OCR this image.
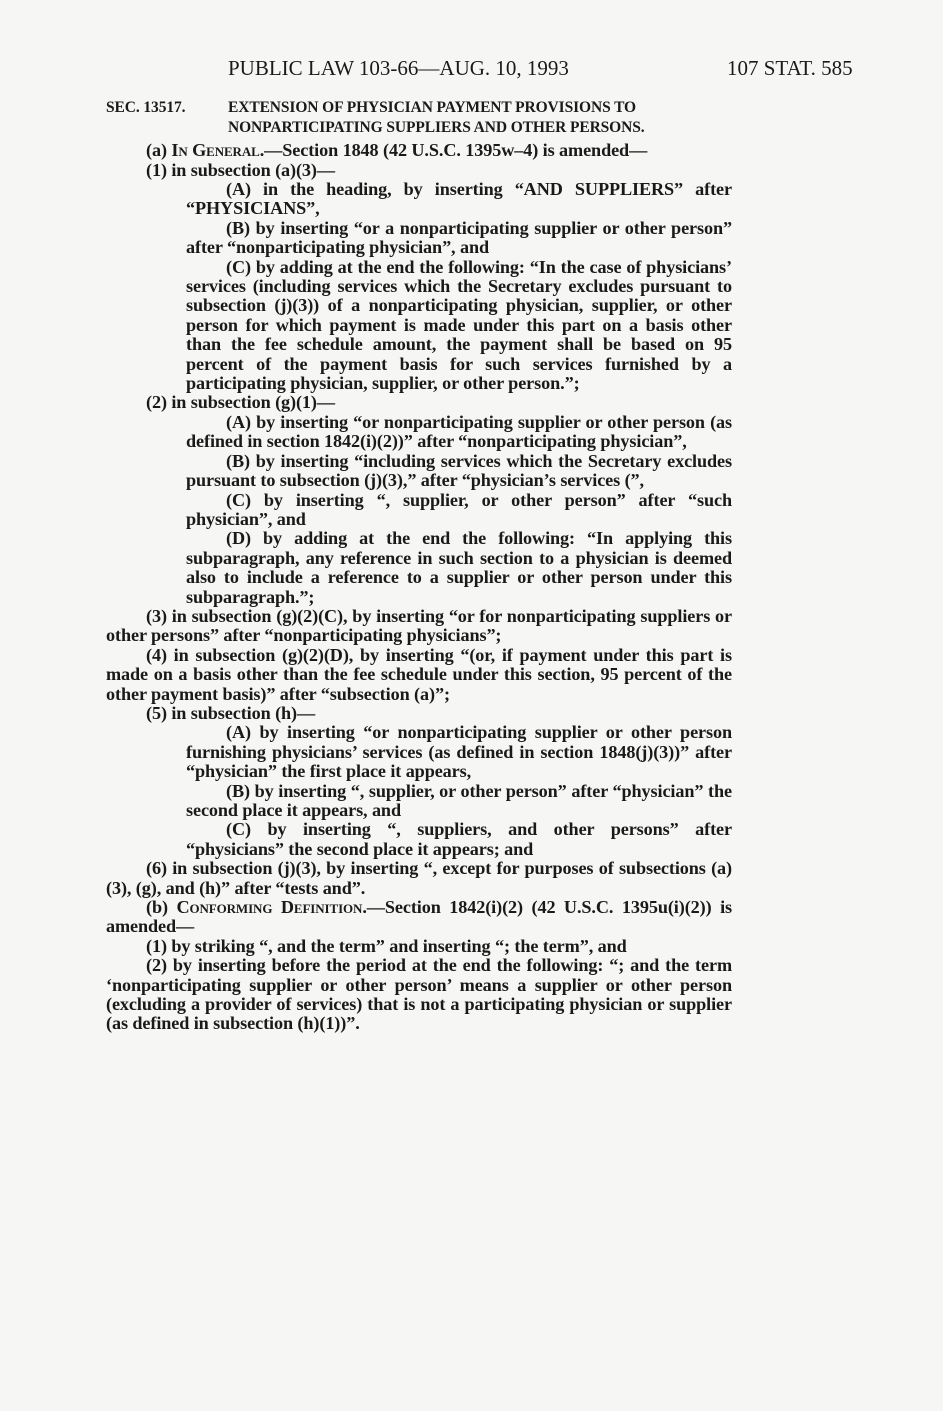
PUBLIC LAW 103-66—AUG. 10, 1993	107 STAT. 585
SEC. 13517.	EXTENSION OF PHYSICIAN PAYMENT PROVISIONS TO
NONPARTICIPATING SUPPLIERS AND OTHER PERSONS.

(a) In General.—Section 1848 (42 U.S.C. 1395w–4) is amended—

(1) in subsection (a)(3)—

(A) in the heading, by inserting “AND SUPPLIERS” after “PHYSICIANS”,

(B) by inserting “or a nonparticipating supplier or other person” after “nonparticipating physician”, and

(C) by adding at the end the following: “In the case of physicians’ services (including services which the Secretary excludes pursuant to subsection (j)(3)) of a nonparticipating physician, supplier, or other person for which payment is made under this part on a basis other than the fee schedule amount, the payment shall be based on 95 percent of the payment basis for such services furnished by a participating physician, supplier, or other person.”;

(2) in subsection (g)(1)—

(A) by inserting “or nonparticipating supplier or other person (as defined in section 1842(i)(2))” after “nonparticipating physician”,

(B) by inserting “including services which the Secretary excludes pursuant to subsection (j)(3),” after “physician’s services (”,

(C) by inserting “, supplier, or other person” after “such physician”, and

(D) by adding at the end the following: “In applying this subparagraph, any reference in such section to a physician is deemed also to include a reference to a supplier or other person under this subparagraph.”;

(3) in subsection (g)(2)(C), by inserting “or for nonparticipating suppliers or other persons” after “nonparticipating physicians”;

(4) in subsection (g)(2)(D), by inserting “(or, if payment under this part is made on a basis other than the fee schedule under this section, 95 percent of the other payment basis)” after “subsection (a)”;

(5) in subsection (h)—

(A) by inserting “or nonparticipating supplier or other person furnishing physicians’ services (as defined in section 1848(j)(3))” after “physician” the first place it appears,

(B) by inserting “, supplier, or other person” after “physician” the second place it appears, and

(C) by inserting “, suppliers, and other persons” after “physicians” the second place it appears; and

(6) in subsection (j)(3), by inserting “, except for purposes of subsections (a)(3), (g), and (h)” after “tests and”.

(b) Conforming Definition.—Section 1842(i)(2) (42 U.S.C. 1395u(i)(2)) is amended—

(1) by striking “, and the term” and inserting “; the term”, and

(2) by inserting before the period at the end the following: “; and the term ‘nonparticipating supplier or other person’ means a supplier or other person (excluding a provider of services) that is not a participating physician or supplier (as defined in subsection (h)(1))”.
